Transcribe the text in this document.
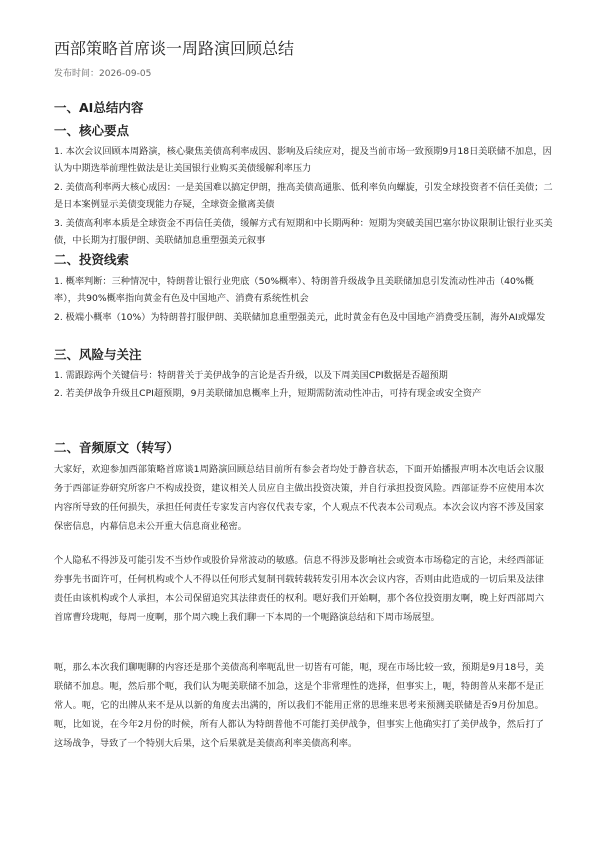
西部策略首席谈一周路演回顾总结
发布时间：2026-09-05
一、AI总结内容
一、核心要点

1. 本次会议回顾本周路演，核心聚焦美债高利率成因、影响及后续应对，提及当前市场一致预期9月18日美联储不加息，因认为中期选举前理性做法是让美国银行业购买美债缓解利率压力

2. 美债高利率两大核心成因：一是美国难以搞定伊朗，推高美债高通胀、低利率负向螺旋，引发全球投资者不信任美债；二是日本案例显示美债变现能力存疑，全球资金撤离美债

3. 美债高利率本质是全球资金不再信任美债，缓解方式有短期和中长期两种：短期为突破美国巴塞尔协议限制让银行业买美债，中长期为打服伊朗、美联储加息重塑强美元叙事

二、投资线索

1. 概率判断：三种情况中，特朗普让银行业兜底（50%概率）、特朗普升级战争且美联储加息引发流动性冲击（40%概率），共90%概率指向黄金有色及中国地产、消费有系统性机会

2. 极端小概率（10%）为特朗普打服伊朗、美联储加息重塑强美元，此时黄金有色及中国地产消费受压制，海外AI或爆发

三、风险与关注

1. 需跟踪两个关键信号：特朗普关于美伊战争的言论是否升级，以及下周美国CPI数据是否超预期

2. 若美伊战争升级且CPI超预期，9月美联储加息概率上升，短期需防流动性冲击，可持有现金或安全资产

二、音频原文（转写）

大家好，欢迎参加西部策略首席谈1周路演回顾总结目前所有参会者均处于静音状态，下面开始播报声明本次电话会议服务于西部证券研究所客户不构成投资，建议相关人员应自主做出投资决策，并自行承担投资风险。西部证券不应使用本次内容所导致的任何损失，承担任何责任专家发言内容仅代表专家，个人观点不代表本公司观点。本次会议内容不涉及国家保密信息，内幕信息未公开重大信息商业秘密。

个人隐私不得涉及可能引发不当炒作或股价异常波动的敏感。信息不得涉及影响社会或资本市场稳定的言论，未经西部证券事先书面许可，任何机构或个人不得以任何形式复制刊载转载转发引用本次会议内容，否则由此造成的一切后果及法律责任由该机构或个人承担，本公司保留追究其法律责任的权利。嗯好我们开始啊，那个各位投资朋友啊，晚上好西部周六首席曹玲珑呃，每周一度啊，那个周六晚上我们聊一下本周的一个呃路演总结和下周市场展望。

呃，那么本次我们聊呃聊的内容还是那个美债高利率呃乱世一切皆有可能，呃，现在市场比较一致，预期是9月18号，美联储不加息。呃，然后那个呃，我们认为呃美联储不加急，这是个非常理性的选择，但事实上，呃，特朗普从来都不是正常人。呃，它的出牌从来不是从以新的角度去出满的，所以我们不能用正常的思维来思考来预测美联储是否9月份加息。呃，比如说，在今年2月份的时候，所有人都认为特朗普他不可能打美伊战争，但事实上他确实打了美伊战争，然后打了这场战争，导致了一个特别大后果，这个后果就是美债高利率美债高利率。
